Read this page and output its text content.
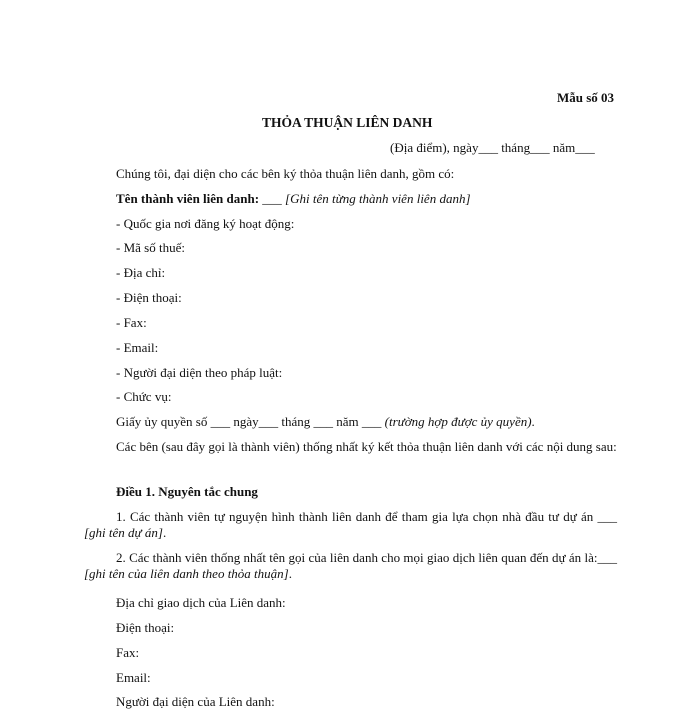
Mẫu số 03
THỎA THUẬN LIÊN DANH
(Địa điểm), ngày___ tháng___ năm___
Chúng tôi, đại diện cho các bên ký thỏa thuận liên danh, gồm có:
Tên thành viên liên danh: ___ [Ghi tên từng thành viên liên danh]
- Quốc gia nơi đăng ký hoạt động:
- Mã số thuế:
- Địa chỉ:
- Điện thoại:
- Fax:
- Email:
- Người đại diện theo pháp luật:
- Chức vụ:
Giấy ủy quyền số ___ ngày___ tháng ___ năm ___ (trường hợp được ủy quyền).
Các bên (sau đây gọi là thành viên) thống nhất ký kết thỏa thuận liên danh với các nội dung sau:
Điều 1. Nguyên tắc chung
1. Các thành viên tự nguyện hình thành liên danh để tham gia lựa chọn nhà đầu tư dự án ___ [ghi tên dự án].
2. Các thành viên thống nhất tên gọi của liên danh cho mọi giao dịch liên quan đến dự án là:___ [ghi tên của liên danh theo thỏa thuận].
Địa chỉ giao dịch của Liên danh:
Điện thoại:
Fax:
Email:
Người đại diện của Liên danh:
